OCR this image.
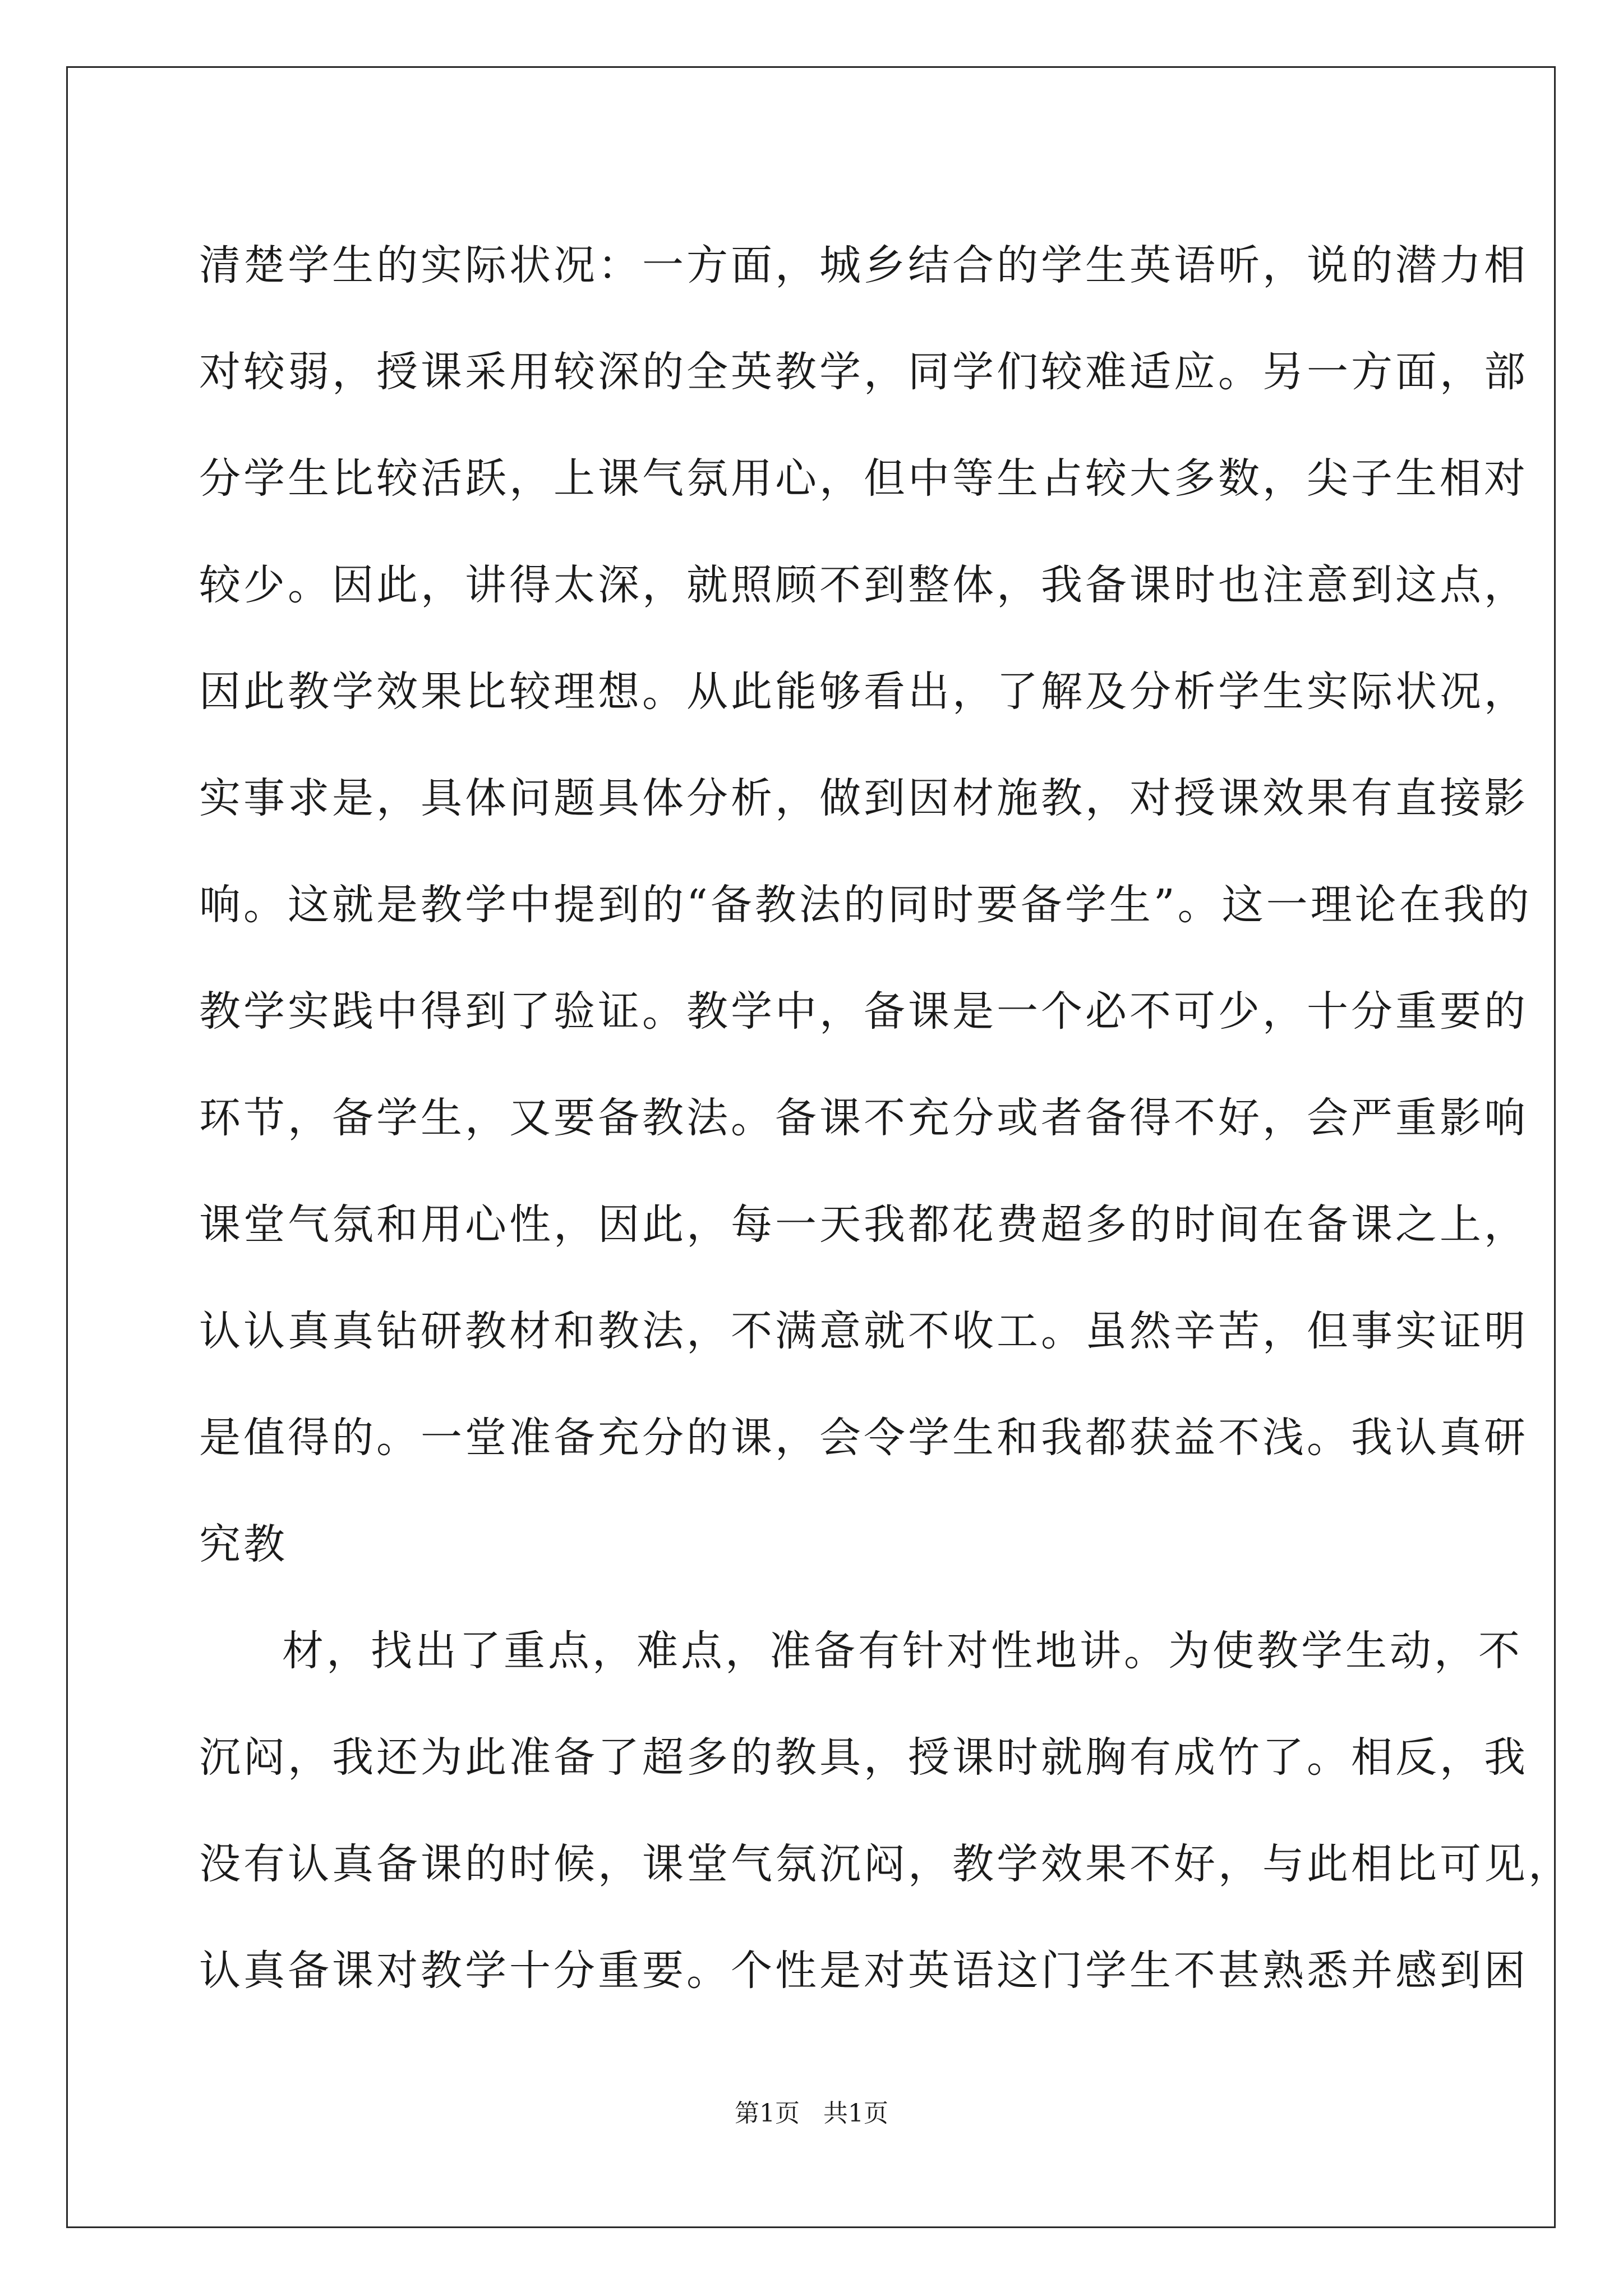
清楚学生的实际状况：一方面，城乡结合的学生英语听，说的潜力相
对较弱，授课采用较深的全英教学，同学们较难适应。另一方面，部
分学生比较活跃，上课气氛用心，但中等生占较大多数，尖子生相对
较少。因此，讲得太深，就照顾不到整体，我备课时也注意到这点，
因此教学效果比较理想。从此能够看出，了解及分析学生实际状况，
实事求是，具体问题具体分析，做到因材施教，对授课效果有直接影
响。这就是教学中提到的“备教法的同时要备学生”。这一理论在我的
教学实践中得到了验证。教学中，备课是一个必不可少，十分重要的
环节，备学生，又要备教法。备课不充分或者备得不好，会严重影响
课堂气氛和用心性，因此，每一天我都花费超多的时间在备课之上，
认认真真钻研教材和教法，不满意就不收工。虽然辛苦，但事实证明
是值得的。一堂准备充分的课，会令学生和我都获益不浅。我认真研
究教
材，找出了重点，难点，准备有针对性地讲。为使教学生动，不
沉闷，我还为此准备了超多的教具，授课时就胸有成竹了。相反，我
没有认真备课的时候，课堂气氛沉闷，教学效果不好，与此相比可见，
认真备课对教学十分重要。个性是对英语这门学生不甚熟悉并感到困
第1页   共1页
